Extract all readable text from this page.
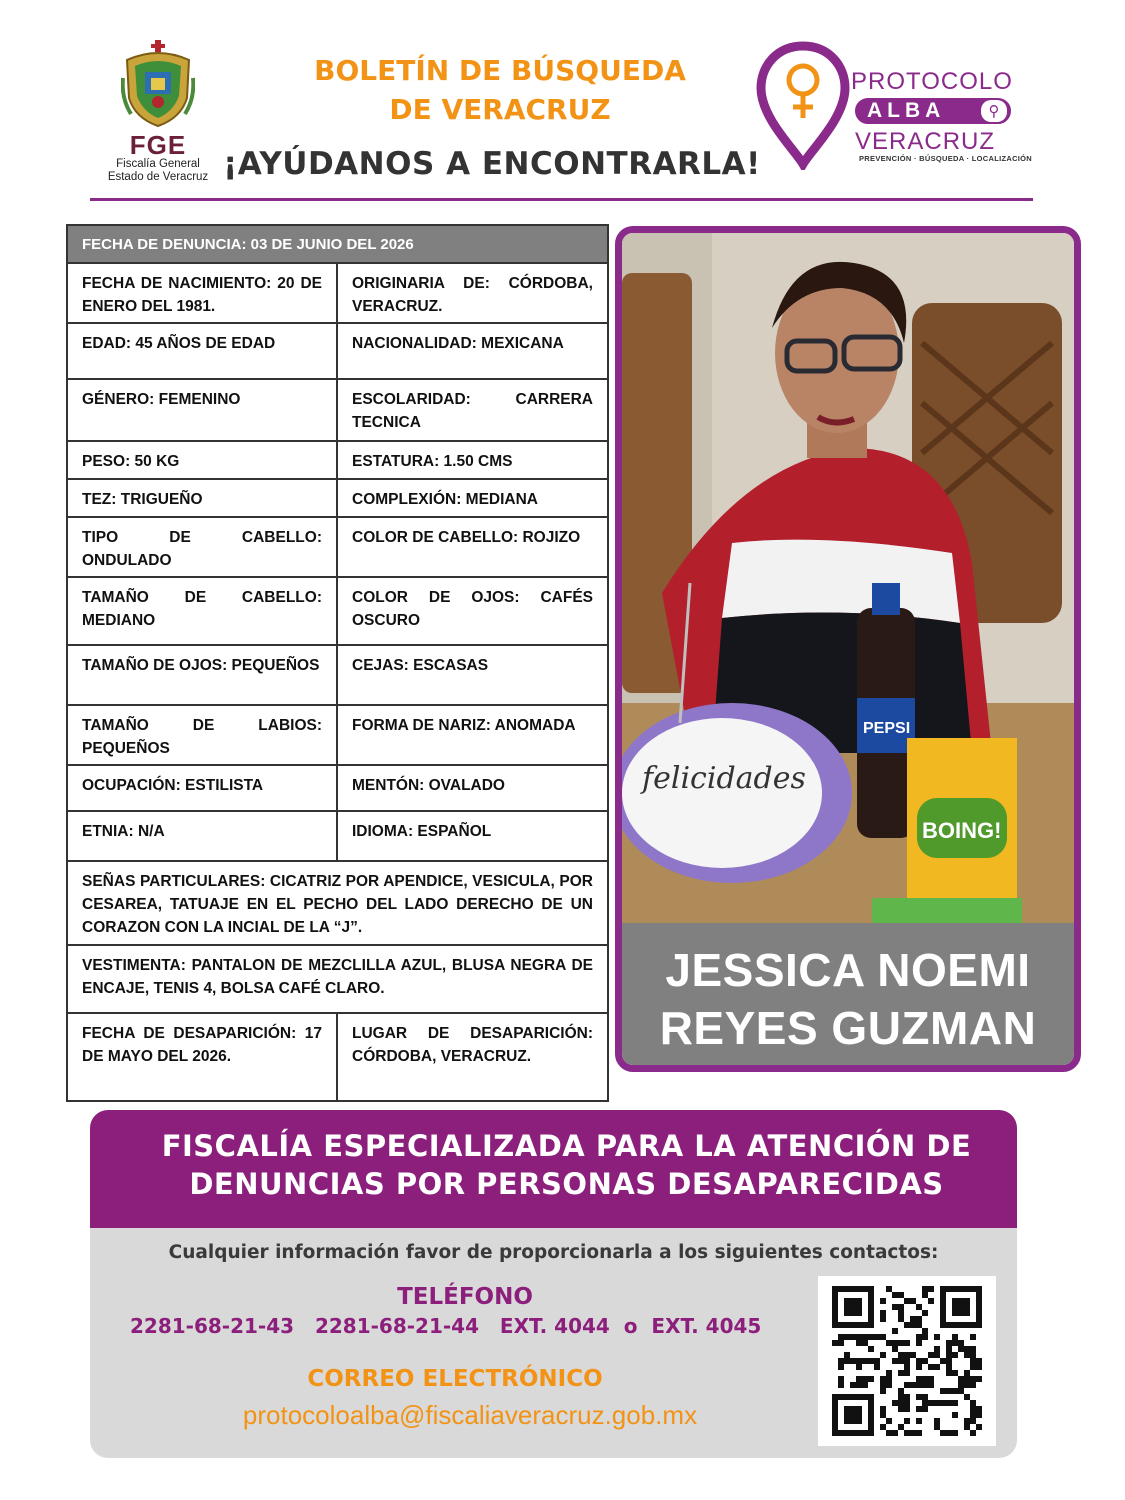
FGE
Fiscalía General
Estado de Veracruz
BOLETÍN DE BÚSQUEDA
DE VERACRUZ
¡AYÚDANOS A ENCONTRARLA!
PROTOCOLO
ALBA	⚲
VERACRUZ
PREVENCIÓN · BÚSQUEDA · LOCALIZACIÓN
FECHA DE DENUNCIA: 03 DE JUNIO DEL 2026	
FECHA DE NACIMIENTO: 20 DE ENERO DEL 1981.	ORIGINARIA DE: CÓRDOBA, VERACRUZ.
EDAD: 45 AÑOS DE EDAD	NACIONALIDAD: MEXICANA
GÉNERO: FEMENINO	ESCOLARIDAD: CARRERA TECNICA
PESO: 50 KG	ESTATURA: 1.50 CMS
TEZ: TRIGUEÑO	COMPLEXIÓN: MEDIANA
TIPO DE CABELLO: ONDULADO	COLOR DE CABELLO: ROJIZO
TAMAÑO DE CABELLO: MEDIANO	COLOR DE OJOS: CAFÉS OSCURO
TAMAÑO DE OJOS: PEQUEÑOS	CEJAS: ESCASAS
TAMAÑO DE LABIOS: PEQUEÑOS	FORMA DE NARIZ: ANOMADA
OCUPACIÓN: ESTILISTA	MENTÓN: OVALADO
ETNIA: N/A	IDIOMA: ESPAÑOL
SEÑAS PARTICULARES: CICATRIZ POR APENDICE, VESICULA, POR CESAREA, TATUAJE EN EL PECHO DEL LADO DERECHO DE UN CORAZON CON LA INCIAL DE LA “J”.	
VESTIMENTA: PANTALON DE MEZCLILLA AZUL, BLUSA NEGRA DE ENCAJE, TENIS 4, BOLSA CAFÉ CLARO.	
FECHA DE DESAPARICIÓN: 17 DE MAYO DEL 2026.	LUGAR DE DESAPARICIÓN: CÓRDOBA, VERACRUZ.
felicidades
PEPSI
BOING!
JESSICA NOEMI
REYES GUZMAN
FISCALÍA ESPECIALIZADA PARA LA ATENCIÓN DE
DENUNCIAS POR PERSONAS DESAPARECIDAS
Cualquier información favor de proporcionarla a los siguientes contactos:
TELÉFONO
2281-68-21-43   2281-68-21-44   EXT. 4044  o  EXT. 4045
CORREO ELECTRÓNICO
protocoloalba@fiscaliaveracruz.gob.mx
